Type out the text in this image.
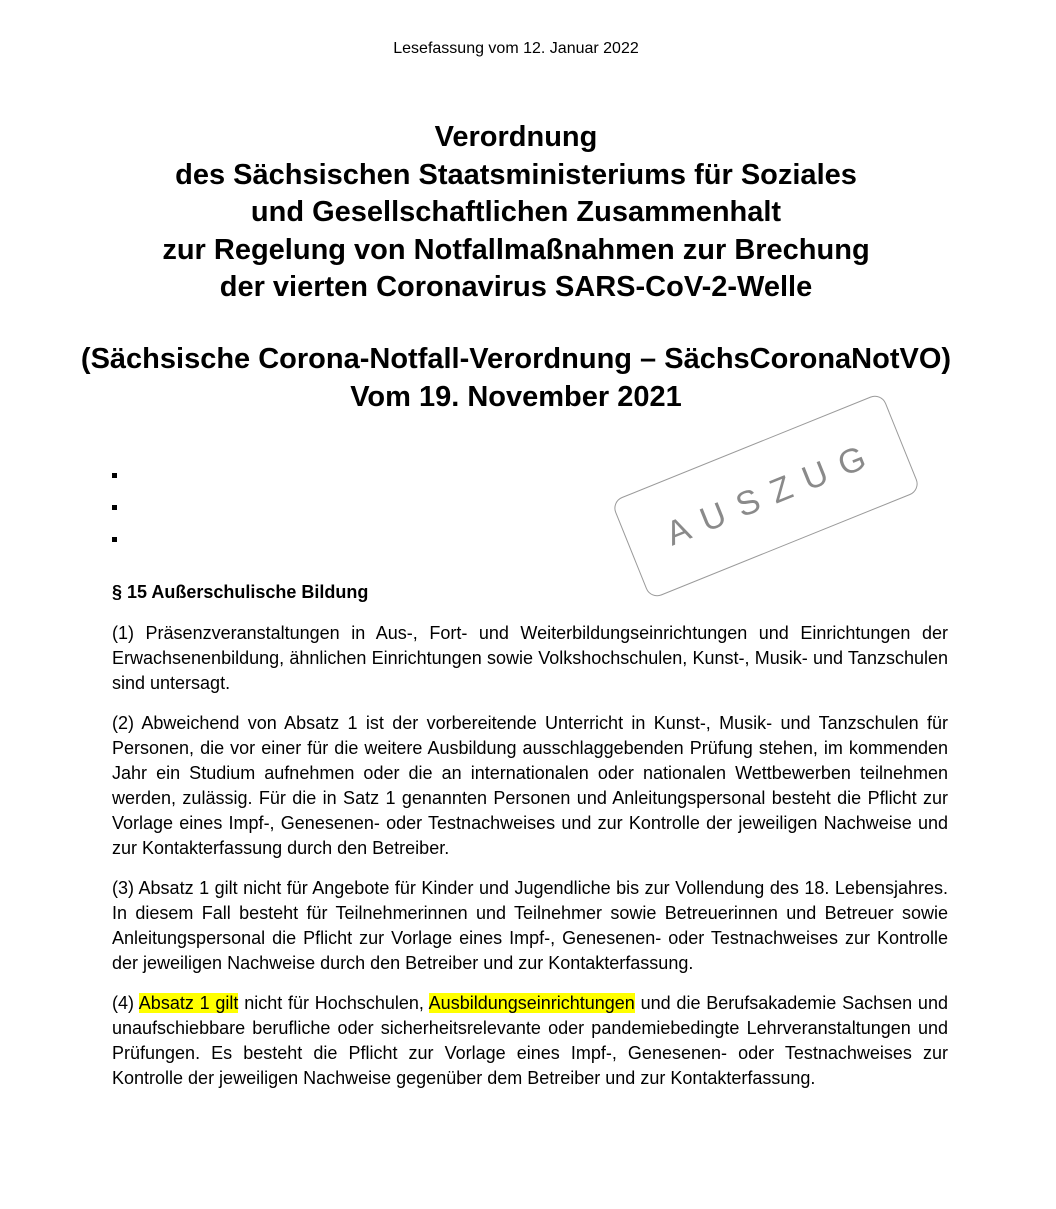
Lesefassung vom 12. Januar 2022
Verordnung
des Sächsischen Staatsministeriums für Soziales
und Gesellschaftlichen Zusammenhalt
zur Regelung von Notfallmaßnahmen zur Brechung
der vierten Coronavirus SARS-CoV-2-Welle
(Sächsische Corona-Notfall-Verordnung – SächsCoronaNotVO)
Vom 19. November 2021
AUSZUG

§ 15 Außerschulische Bildung

(1) Präsenzveranstaltungen in Aus-, Fort- und Weiterbildungseinrichtungen und Einrichtungen der Erwachsenenbildung, ähnlichen Einrichtungen sowie Volkshochschulen, Kunst-, Musik- und Tanzschulen sind untersagt.

(2) Abweichend von Absatz 1 ist der vorbereitende Unterricht in Kunst-, Musik- und Tanzschulen für Personen, die vor einer für die weitere Ausbildung ausschlaggebenden Prüfung stehen, im kommenden Jahr ein Studium aufnehmen oder die an internationalen oder nationalen Wettbewerben teilnehmen werden, zulässig. Für die in Satz 1 genannten Personen und Anleitungspersonal besteht die Pflicht zur Vorlage eines Impf-, Genesenen- oder Testnachweises und zur Kontrolle der jeweiligen Nachweise und zur Kontakterfassung durch den Betreiber.

(3) Absatz 1 gilt nicht für Angebote für Kinder und Jugendliche bis zur Vollendung des 18. Lebensjahres. In diesem Fall besteht für Teilnehmerinnen und Teilnehmer sowie Betreuerinnen und Betreuer sowie Anleitungspersonal die Pflicht zur Vorlage eines Impf-, Genesenen- oder Testnachweises zur Kontrolle der jeweiligen Nachweise durch den Betreiber und zur Kontakterfassung.

(4) Absatz 1 gilt nicht für Hochschulen, Ausbildungseinrichtungen und die Berufsakademie Sachsen und unaufschiebbare berufliche oder sicherheitsrelevante oder pandemiebedingte Lehrveranstaltungen und Prüfungen. Es besteht die Pflicht zur Vorlage eines Impf-, Genesenen- oder Testnachweises zur Kontrolle der jeweiligen Nachweise gegenüber dem Betreiber und zur Kontakterfassung.
